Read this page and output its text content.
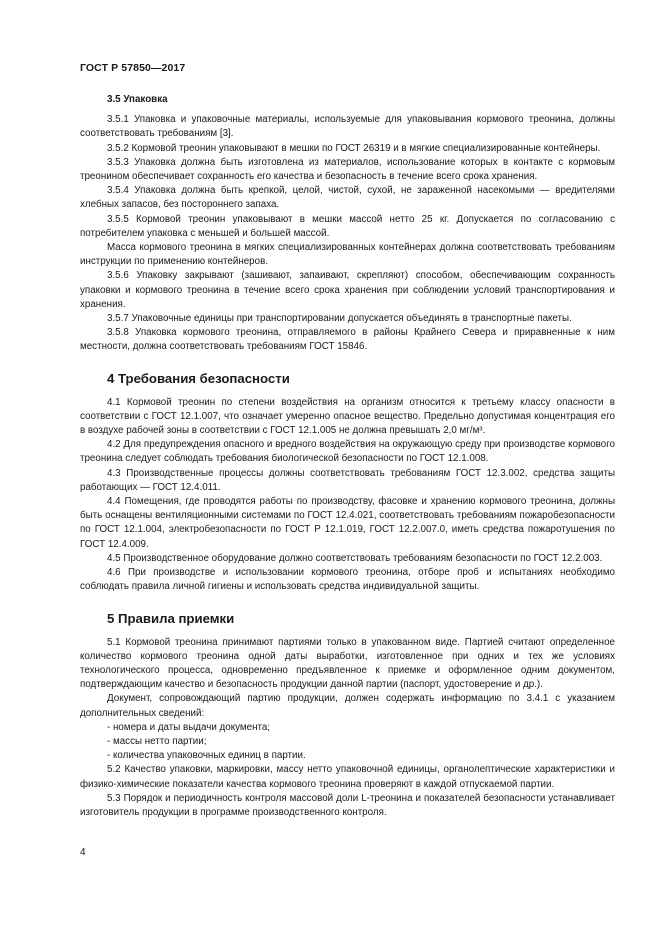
ГОСТ Р 57850—2017
3.5 Упаковка

3.5.1 Упаковка и упаковочные материалы, используемые для упаковывания кормового треонина, должны соответствовать требованиям [3].

3.5.2 Кормовой треонин упаковывают в мешки по ГОСТ 26319 и в мягкие специализированные контейнеры.

3.5.3 Упаковка должна быть изготовлена из материалов, использование которых в контакте с кормовым треонином обеспечивает сохранность его качества и безопасность в течение всего срока хранения.

3.5.4 Упаковка должна быть крепкой, целой, чистой, сухой, не зараженной насекомыми — вредителями хлебных запасов, без постороннего запаха.

3.5.5 Кормовой треонин упаковывают в мешки массой нетто 25 кг. Допускается по согласованию с потребителем упаковка с меньшей и большей массой.

Масса кормового треонина в мягких специализированных контейнерах должна соответствовать требованиям инструкции по применению контейнеров.

3.5.6 Упаковку закрывают (зашивают, запаивают, скрепляют) способом, обеспечивающим сохранность упаковки и кормового треонина в течение всего срока хранения при соблюдении условий транспортирования и хранения.

3.5.7 Упаковочные единицы при транспортировании допускается объединять в транспортные пакеты.

3.5.8 Упаковка кормового треонина, отправляемого в районы Крайнего Севера и приравненные к ним местности, должна соответствовать требованиям ГОСТ 15846.

4 Требования безопасности

4.1 Кормовой треонин по степени воздействия на организм относится к третьему классу опасности в соответствии с ГОСТ 12.1.007, что означает умеренно опасное вещество. Предельно допустимая концентрация его в воздухе рабочей зоны в соответствии с ГОСТ 12.1.005 не должна превышать 2,0 мг/м³.

4.2 Для предупреждения опасного и вредного воздействия на окружающую среду при производстве кормового треонина следует соблюдать требования биологической безопасности по ГОСТ 12.1.008.

4.3 Производственные процессы должны соответствовать требованиям ГОСТ 12.3.002, средства защиты работающих — ГОСТ 12.4.011.

4.4 Помещения, где проводятся работы по производству, фасовке и хранению кормового треонина, должны быть оснащены вентиляционными системами по ГОСТ 12.4.021, соответствовать требованиям пожаробезопасности по ГОСТ 12.1.004, электробезопасности по ГОСТ Р 12.1.019, ГОСТ 12.2.007.0, иметь средства пожаротушения по ГОСТ 12.4.009.

4.5 Производственное оборудование должно соответствовать требованиям безопасности по ГОСТ 12.2.003.

4.6 При производстве и использовании кормового треонина, отборе проб и испытаниях необходимо соблюдать правила личной гигиены и использовать средства индивидуальной защиты.

5 Правила приемки

5.1 Кормовой треонина принимают партиями только в упакованном виде. Партией считают определенное количество кормового треонина одной даты выработки, изготовленное при одних и тех же условиях технологического процесса, одновременно предъявленное к приемке и оформленное одним документом, подтверждающим качество и безопасность продукции данной партии (паспорт, удостоверение и др.).

Документ, сопровождающий партию продукции, должен содержать информацию по 3.4.1 с указанием дополнительных сведений:

- номера и даты выдачи документа;

- массы нетто партии;

- количества упаковочных единиц в партии.

5.2 Качество упаковки, маркировки, массу нетто упаковочной единицы, органолептические характеристики и физико-химические показатели качества кормового треонина проверяют в каждой отпускаемой партии.

5.3 Порядок и периодичность контроля массовой доли L-треонина и показателей безопасности устанавливает изготовитель продукции в программе производственного контроля.

4
